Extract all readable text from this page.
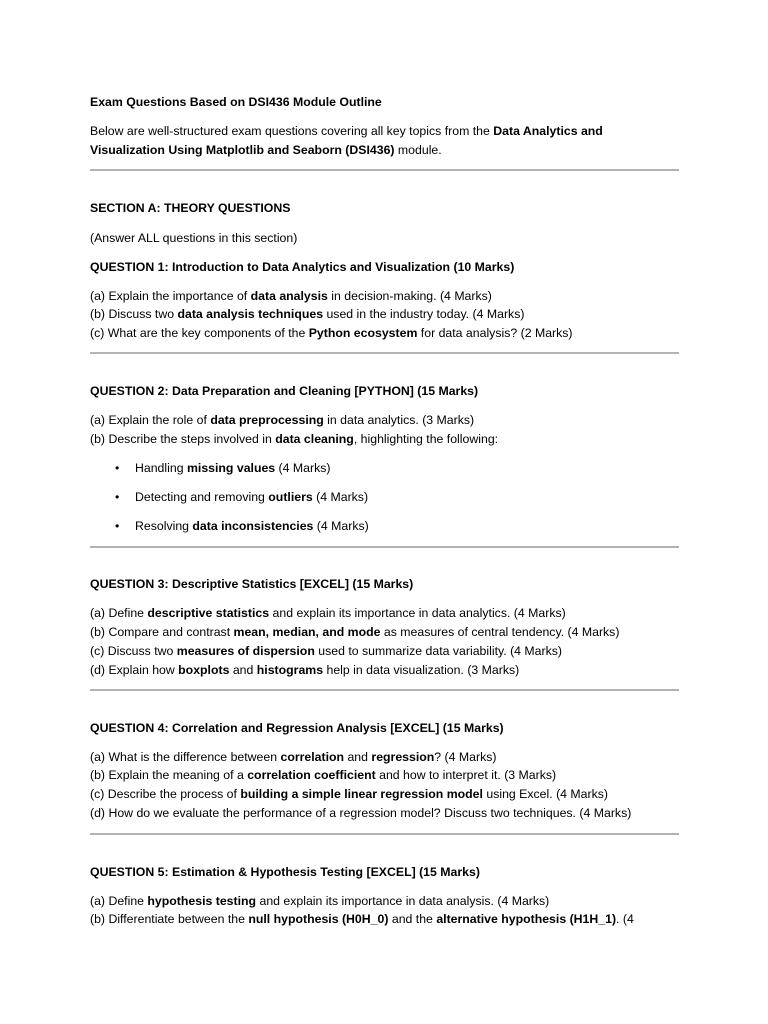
Exam Questions Based on DSI436 Module Outline

Below are well-structured exam questions covering all key topics from the Data Analytics and Visualization Using Matplotlib and Seaborn (DSI436) module.

SECTION A: THEORY QUESTIONS

(Answer ALL questions in this section)

QUESTION 1: Introduction to Data Analytics and Visualization (10 Marks)

(a) Explain the importance of data analysis in decision-making. (4 Marks)

(b) Discuss two data analysis techniques used in the industry today. (4 Marks)

(c) What are the key components of the Python ecosystem for data analysis? (2 Marks)

QUESTION 2: Data Preparation and Cleaning [PYTHON] (15 Marks)

(a) Explain the role of data preprocessing in data analytics. (3 Marks)

(b) Describe the steps involved in data cleaning, highlighting the following:

• Handling missing values (4 Marks)

• Detecting and removing outliers (4 Marks)

• Resolving data inconsistencies (4 Marks)

QUESTION 3: Descriptive Statistics [EXCEL] (15 Marks)

(a) Define descriptive statistics and explain its importance in data analytics. (4 Marks)

(b) Compare and contrast mean, median, and mode as measures of central tendency. (4 Marks)

(c) Discuss two measures of dispersion used to summarize data variability. (4 Marks)

(d) Explain how boxplots and histograms help in data visualization. (3 Marks)

QUESTION 4: Correlation and Regression Analysis [EXCEL] (15 Marks)

(a) What is the difference between correlation and regression? (4 Marks)

(b) Explain the meaning of a correlation coefficient and how to interpret it. (3 Marks)

(c) Describe the process of building a simple linear regression model using Excel. (4 Marks)

(d) How do we evaluate the performance of a regression model? Discuss two techniques. (4 Marks)

QUESTION 5: Estimation & Hypothesis Testing [EXCEL] (15 Marks)

(a) Define hypothesis testing and explain its importance in data analysis. (4 Marks)

(b) Differentiate between the null hypothesis (H0H_0) and the alternative hypothesis (H1H_1). (4
